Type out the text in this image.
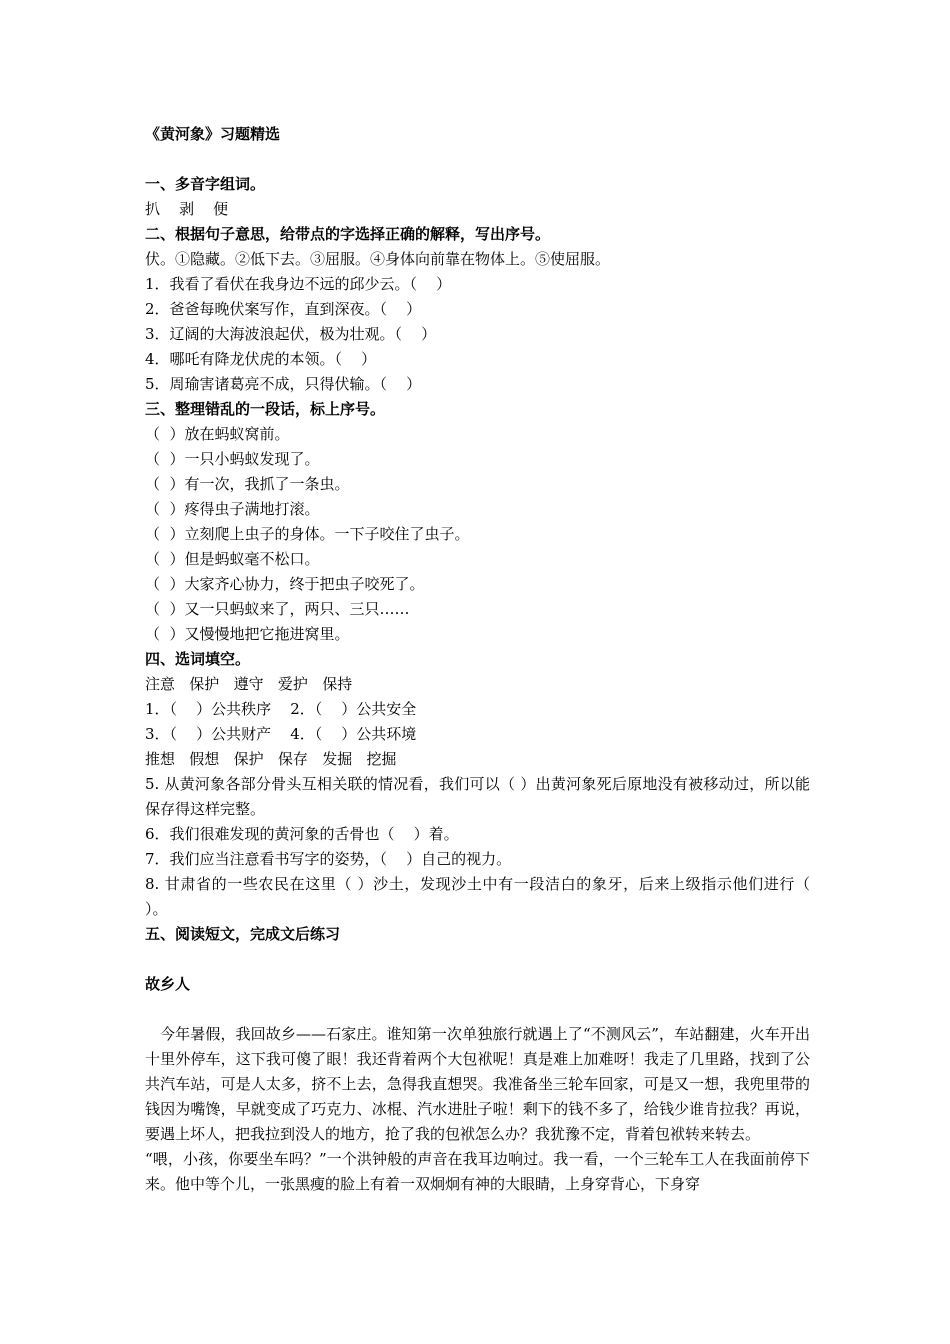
《黄河象》习题精选
一、多音字组词。
扒    剥    便
二、根据句子意思，给带点的字选择正确的解释，写出序号。
伏。①隐藏。②低下去。③屈服。④身体向前靠在物体上。⑤使屈服。
1．我看了看伏在我身边不远的邱少云。（    ）
2．爸爸每晚伏案写作，直到深夜。（    ）
3．辽阔的大海波浪起伏，极为壮观。（    ）
4．哪吒有降龙伏虎的本领。（    ）
5．周瑜害诸葛亮不成，只得伏输。（    ）
三、整理错乱的一段话，标上序号。
（  ）放在蚂蚁窝前。
（  ）一只小蚂蚁发现了。
（  ）有一次，我抓了一条虫。
（  ）疼得虫子满地打滚。
（  ）立刻爬上虫子的身体。一下子咬住了虫子。
（  ）但是蚂蚁毫不松口。
（  ）大家齐心协力，终于把虫子咬死了。
（  ）又一只蚂蚁来了，两只、三只……
（  ）又慢慢地把它拖进窝里。
四、选词填空。
注意   保护   遵守   爱护   保持
1．（    ）公共秩序    2．（    ）公共安全
3．（    ）公共财产    4．（    ）公共环境
推想   假想   保护   保存   发掘   挖掘
5. 从黄河象各部分骨头互相关联的情况看，我们可以（ ）出黄河象死后原地没有被移动过，所以能保存得这样完整。
6．我们很难发现的黄河象的舌骨也（    ）着。
7．我们应当注意看书写字的姿势，（    ）自己的视力。
8. 甘肃省的一些农民在这里（ ）沙土，发现沙土中有一段洁白的象牙，后来上级指示他们进行（ ）。
五、阅读短文，完成文后练习
故乡人
今年暑假，我回故乡——石家庄。谁知第一次单独旅行就遇上了“不测风云”，车站翻建，火车开出十里外停车，这下我可傻了眼！我还背着两个大包袱呢！真是难上加难呀！我走了几里路，找到了公共汽车站，可是人太多，挤不上去，急得我直想哭。我准备坐三轮车回家，可是又一想，我兜里带的钱因为嘴馋，早就变成了巧克力、冰棍、汽水进肚子啦！剩下的钱不多了，给钱少谁肯拉我？再说，要遇上坏人，把我拉到没人的地方，抢了我的包袱怎么办？我犹豫不定，背着包袱转来转去。
“喂，小孩，你要坐车吗？”一个洪钟般的声音在我耳边响过。我一看，一个三轮车工人在我面前停下来。他中等个儿，一张黑瘦的脸上有着一双炯炯有神的大眼睛，上身穿背心，下身穿
